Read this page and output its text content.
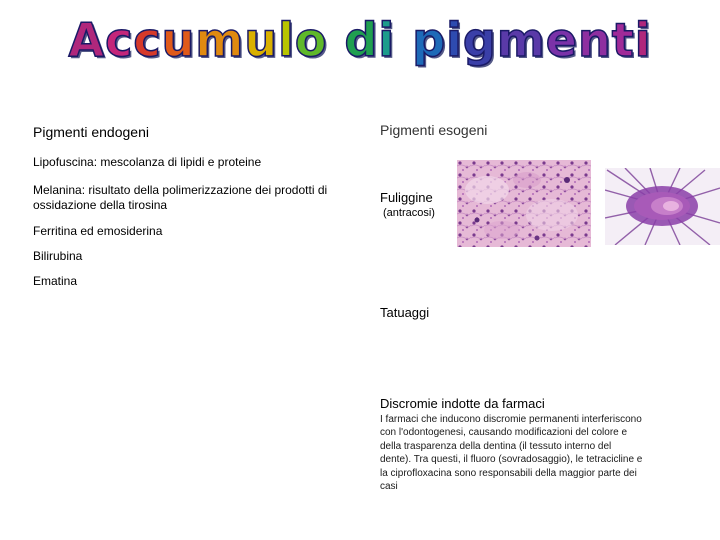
Accumulo di pigmenti
Pigmenti endogeni
Lipofuscina: mescolanza di lipidi e proteine
Melanina: risultato della polimerizzazione dei prodotti di ossidazione della tirosina
Ferritina ed emosiderina
Bilirubina
Ematina
Pigmenti esogeni
Fuliggine
(antracosi)
Tatuaggi
Discromie indotte da farmaci
I farmaci che inducono discromie permanenti interferiscono con l'odontogenesi, causando modificazioni del colore e della trasparenza della dentina (il tessuto interno del dente). Tra questi, il fluoro (sovradosaggio), le tetracicline e la ciprofloxacina sono responsabili della maggior parte dei casi
